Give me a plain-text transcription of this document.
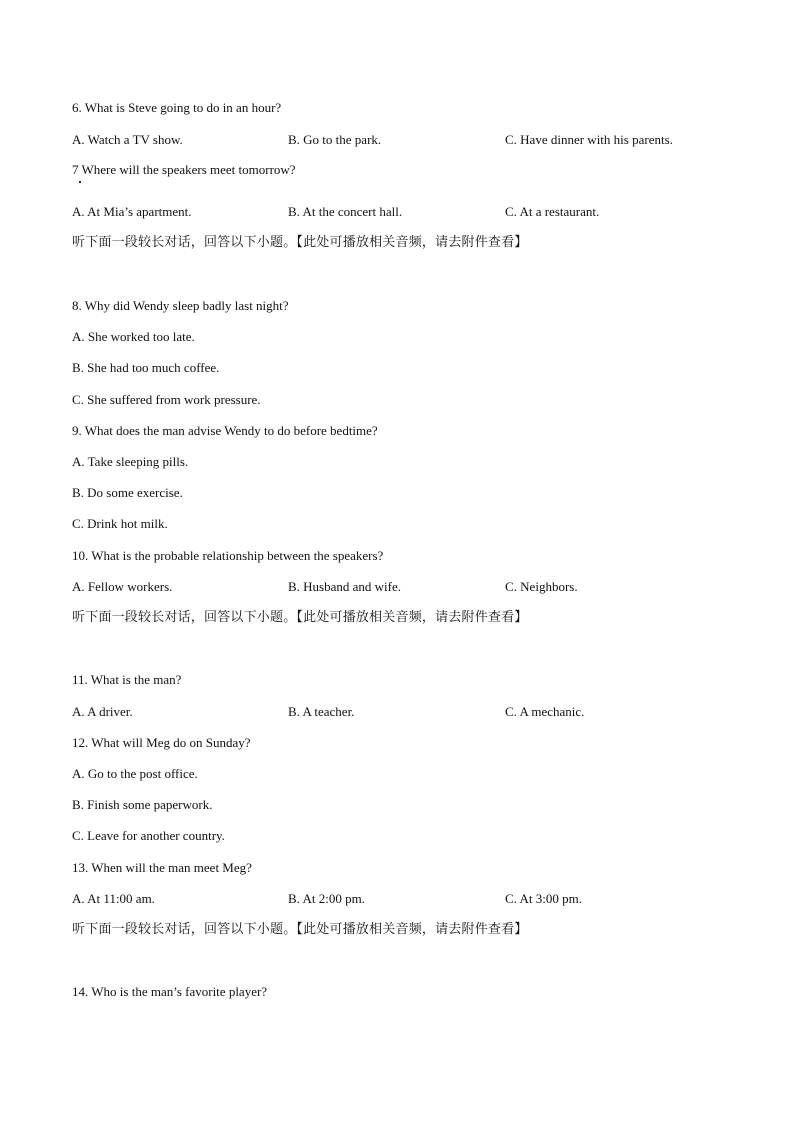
6. What is Steve going to do in an hour?
A. Watch a TV show.	B. Go to the park.	C. Have dinner with his parents.
7 Where will the speakers meet tomorrow?
A. At Mia’s apartment.	B. At the concert hall.	C. At a restaurant.
听下面一段较长对话，回答以下小题。【此处可播放相关音频，请去附件查看】
8. Why did Wendy sleep badly last night?
A. She worked too late.
B. She had too much coffee.
C. She suffered from work pressure.
9. What does the man advise Wendy to do before bedtime?
A. Take sleeping pills.
B. Do some exercise.
C. Drink hot milk.
10. What is the probable relationship between the speakers?
A. Fellow workers.	B. Husband and wife.	C. Neighbors.
听下面一段较长对话，回答以下小题。【此处可播放相关音频，请去附件查看】
11. What is the man?
A. A driver.	B. A teacher.	C. A mechanic.
12. What will Meg do on Sunday?
A. Go to the post office.
B. Finish some paperwork.
C. Leave for another country.
13. When will the man meet Meg?
A. At 11:00 am.	B. At 2:00 pm.	C. At 3:00 pm.
听下面一段较长对话，回答以下小题。【此处可播放相关音频，请去附件查看】
14. Who is the man’s favorite player?
